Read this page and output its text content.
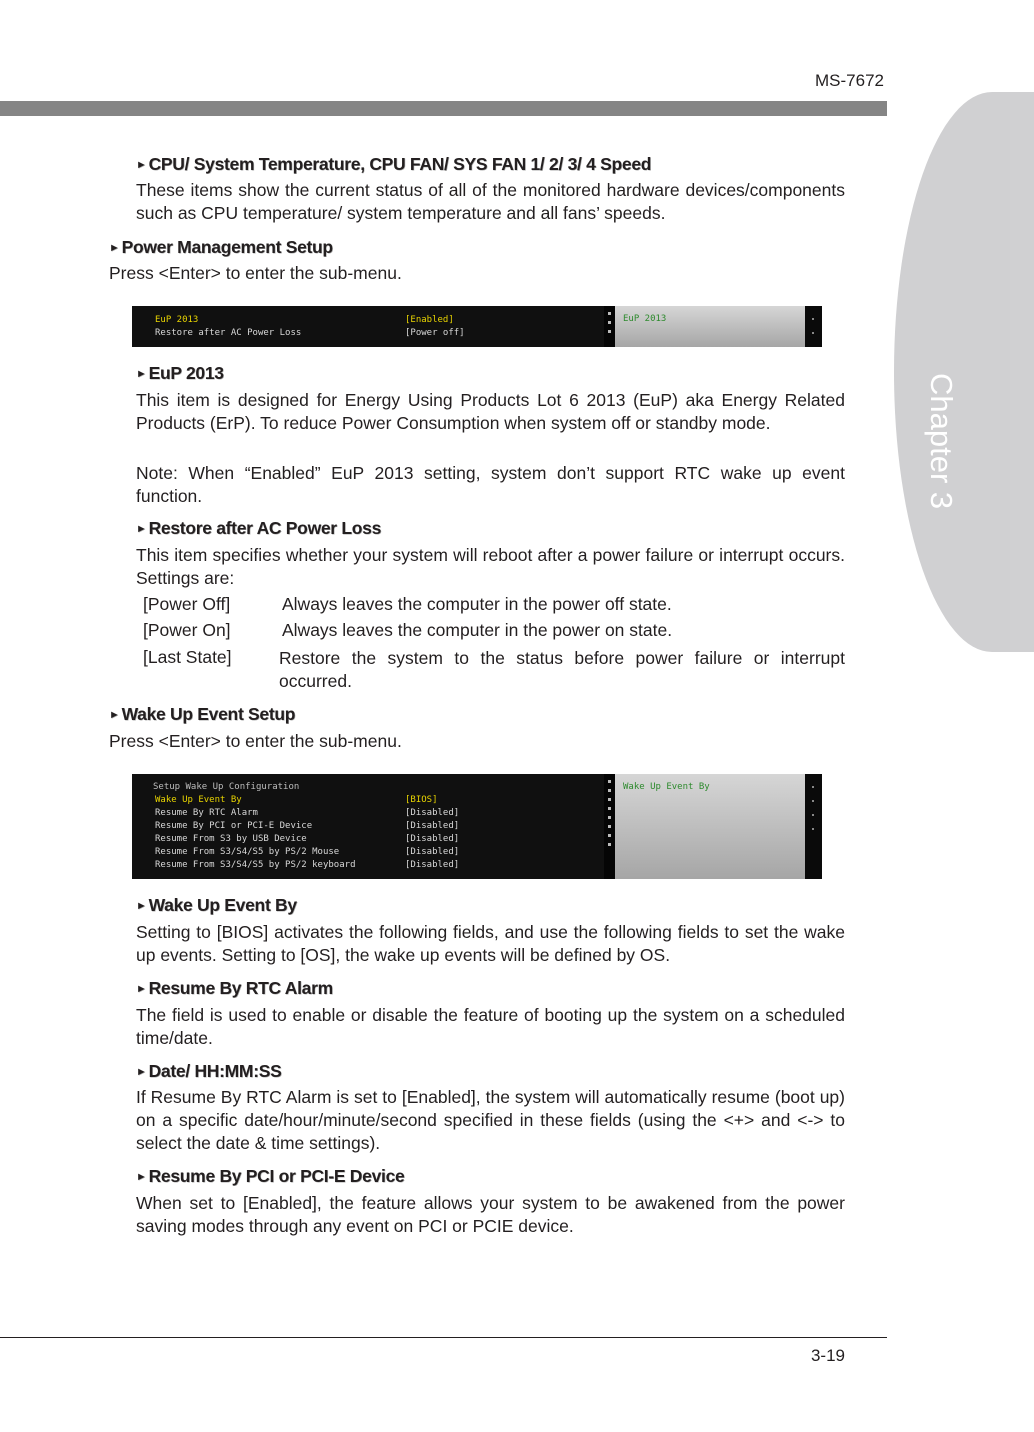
MS-7672
Chapter 3
► CPU/ System Temperature, CPU FAN/ SYS FAN 1/ 2/ 3/ 4 Speed
These items show the current status of all of the monitored hardware devices/components such as CPU temperature/ system temperature and all fans’ speeds.
► Power Management Setup
Press <Enter> to enter the sub-menu.
EuP 2013	[Enabled]
Restore after AC Power Loss	[Power off]
EuP 2013
► EuP 2013
This item is designed for Energy Using Products Lot 6 2013 (EuP) aka Energy Related Products (ErP). To reduce Power Consumption when system off or standby mode.
Note: When “Enabled” EuP 2013 setting, system don’t support RTC wake up event function.
► Restore after AC Power Loss
This item specifies whether your system will reboot after a power failure or interrupt occurs. Settings are:
[Power Off]	Always leaves the computer in the power off state.
[Power On]	Always leaves the computer in the power on state.
[Last State]	Restore the system to the status before power failure or interrupt occurred.
► Wake Up Event Setup
Press <Enter> to enter the sub-menu.
Setup Wake Up Configuration
Wake Up Event By	[BIOS]
Resume By RTC Alarm	[Disabled]
Resume By PCI or PCI-E Device	[Disabled]
Resume From S3 by USB Device	[Disabled]
Resume From S3/S4/S5 by PS/2 Mouse	[Disabled]
Resume From S3/S4/S5 by PS/2 keyboard	[Disabled]
Wake Up Event By
► Wake Up Event By
Setting to [BIOS] activates the following fields, and use the following fields to set the wake up events. Setting to [OS], the wake up events will be defined by OS.
► Resume By RTC Alarm
The field is used to enable or disable the feature of booting up the system on a scheduled time/date.
► Date/ HH:MM:SS
If Resume By RTC Alarm is set to [Enabled], the system will automatically resume (boot up) on a specific date/hour/minute/second specified in these fields (using the <+> and <-> to select the date & time settings).
► Resume By PCI or PCI-E Device
When set to [Enabled], the feature allows your system to be awakened from the power saving modes through any event on PCI or PCIE device.
3-19
